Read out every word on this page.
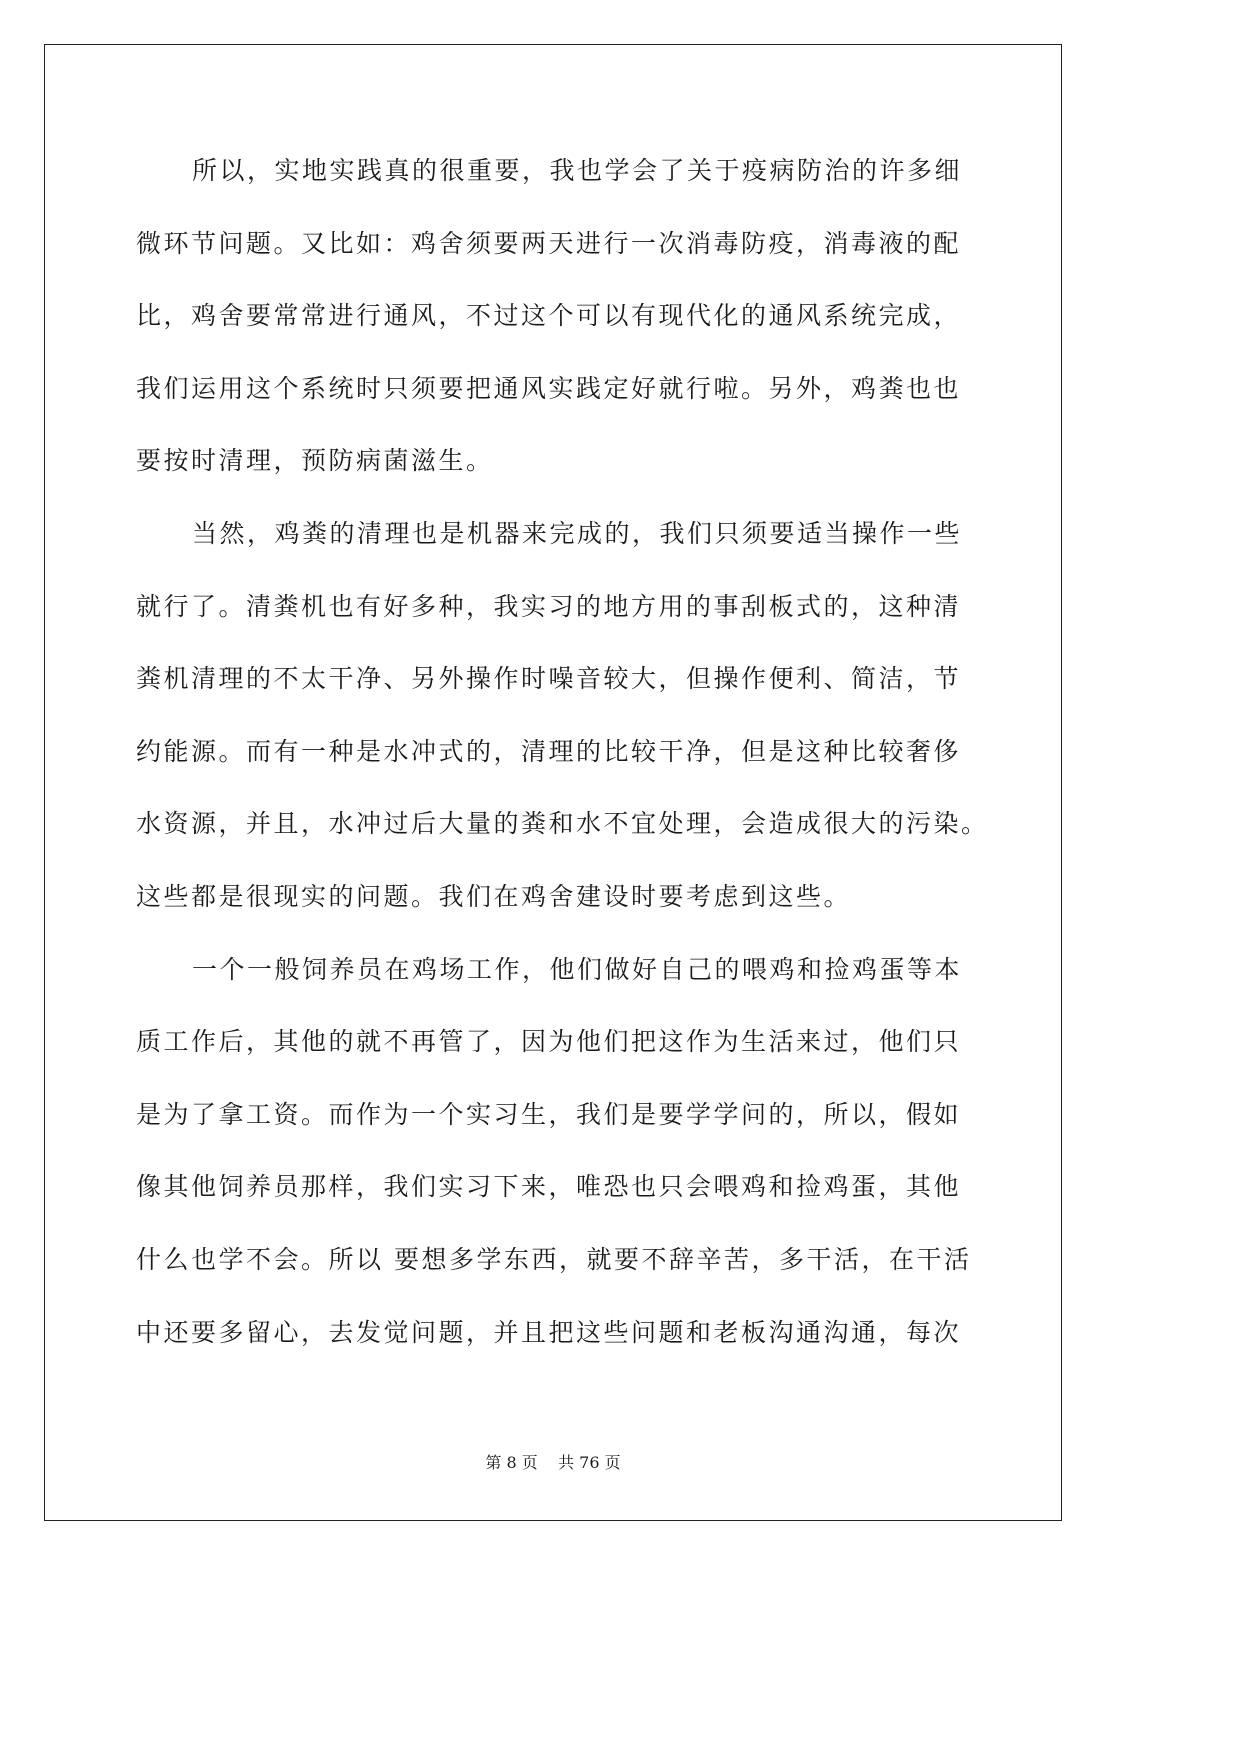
所以，实地实践真的很重要，我也学会了关于疫病防治的许多细
微环节问题。又比如：鸡舍须要两天进行一次消毒防疫，消毒液的配
比，鸡舍要常常进行通风，不过这个可以有现代化的通风系统完成，
我们运用这个系统时只须要把通风实践定好就行啦。另外，鸡粪也也
要按时清理，预防病菌滋生。
当然，鸡粪的清理也是机器来完成的，我们只须要适当操作一些
就行了。清粪机也有好多种，我实习的地方用的事刮板式的，这种清
粪机清理的不太干净、另外操作时噪音较大，但操作便利、简洁，节
约能源。而有一种是水冲式的，清理的比较干净，但是这种比较奢侈
水资源，并且，水冲过后大量的粪和水不宜处理，会造成很大的污染。
这些都是很现实的问题。我们在鸡舍建设时要考虑到这些。
一个一般饲养员在鸡场工作，他们做好自己的喂鸡和捡鸡蛋等本
质工作后，其他的就不再管了，因为他们把这作为生活来过，他们只
是为了拿工资。而作为一个实习生，我们是要学学问的，所以，假如
像其他饲养员那样，我们实习下来，唯恐也只会喂鸡和捡鸡蛋，其他
什么也学不会。所以 要想多学东西，就要不辞辛苦，多干活，在干活
中还要多留心，去发觉问题，并且把这些问题和老板沟通沟通，每次
第 8 页    共 76 页
